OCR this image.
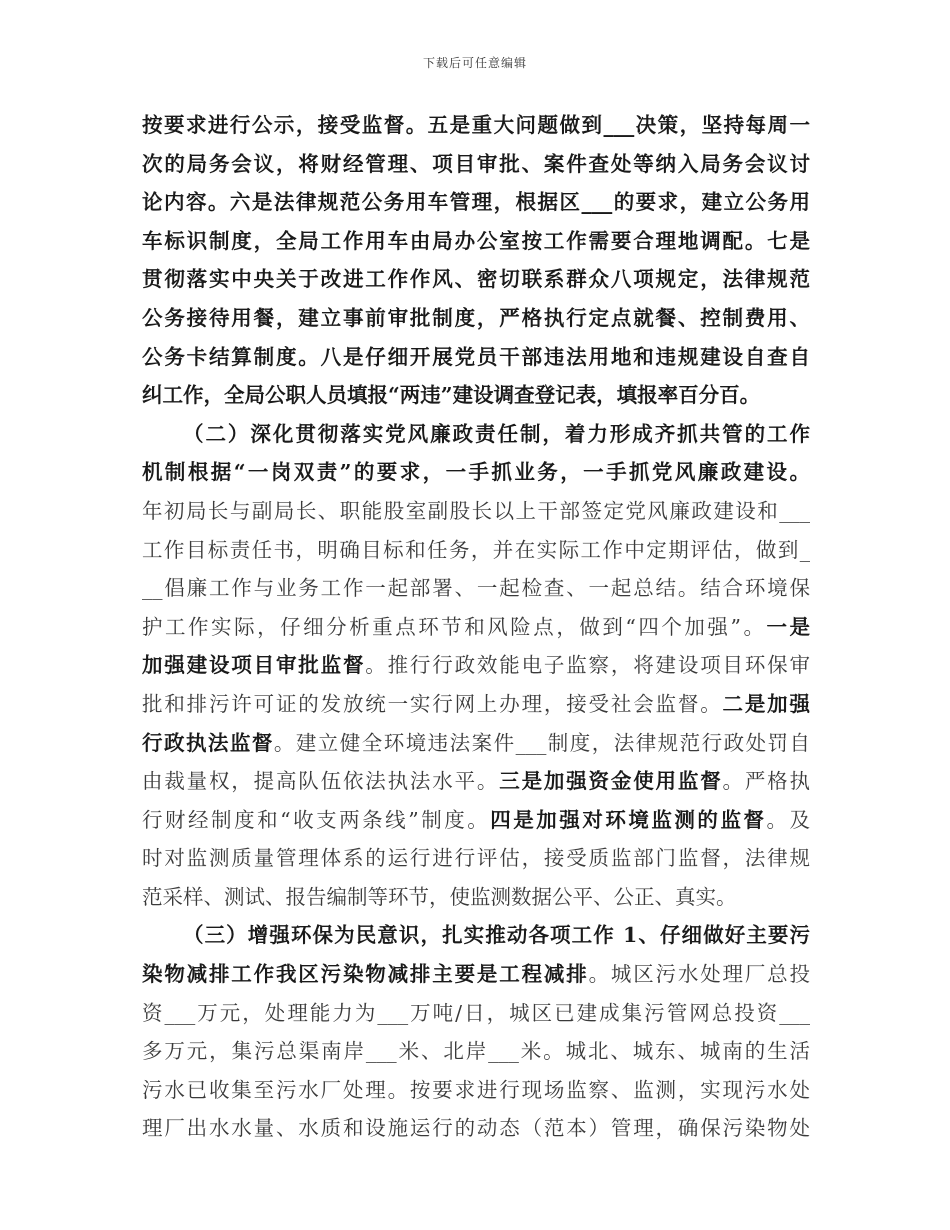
下载后可任意编辑
按要求进行公示，接受监督。五是重大问题做到___决策，坚持每周一
次的局务会议，将财经管理、项目审批、案件查处等纳入局务会议讨
论内容。六是法律规范公务用车管理，根据区___的要求，建立公务用
车标识制度，全局工作用车由局办公室按工作需要合理地调配。七是
贯彻落实中央关于改进工作作风、密切联系群众八项规定，法律规范
公务接待用餐，建立事前审批制度，严格执行定点就餐、控制费用、
公务卡结算制度。八是仔细开展党员干部违法用地和违规建设自查自
纠工作，全局公职人员填报“两违”建设调查登记表，填报率百分百。
（二）深化贯彻落实党风廉政责任制，着力形成齐抓共管的工作
机制根据“一岗双责”的要求，一手抓业务，一手抓党风廉政建设。
年初局长与副局长、职能股室副股长以上干部签定党风廉政建设和___
工作目标责任书，明确目标和任务，并在实际工作中定期评估，做到_
__倡廉工作与业务工作一起部署、一起检查、一起总结。结合环境保
护工作实际，仔细分析重点环节和风险点，做到“四个加强”。一是
加强建设项目审批监督。推行行政效能电子监察，将建设项目环保审
批和排污许可证的发放统一实行网上办理，接受社会监督。二是加强
行政执法监督。建立健全环境违法案件___制度，法律规范行政处罚自
由裁量权，提高队伍依法执法水平。三是加强资金使用监督。严格执
行财经制度和“收支两条线”制度。四是加强对环境监测的监督。及
时对监测质量管理体系的运行进行评估，接受质监部门监督，法律规
范采样、测试、报告编制等环节，使监测数据公平、公正、真实。
（三）增强环保为民意识，扎实推动各项工作 1、仔细做好主要污
染物减排工作我区污染物减排主要是工程减排。城区污水处理厂总投
资___万元，处理能力为___万吨/日，城区已建成集污管网总投资___
多万元，集污总渠南岸___米、北岸___米。城北、城东、城南的生活
污水已收集至污水厂处理。按要求进行现场监察、监测，实现污水处
理厂出水水量、水质和设施运行的动态（范本）管理，确保污染物处
